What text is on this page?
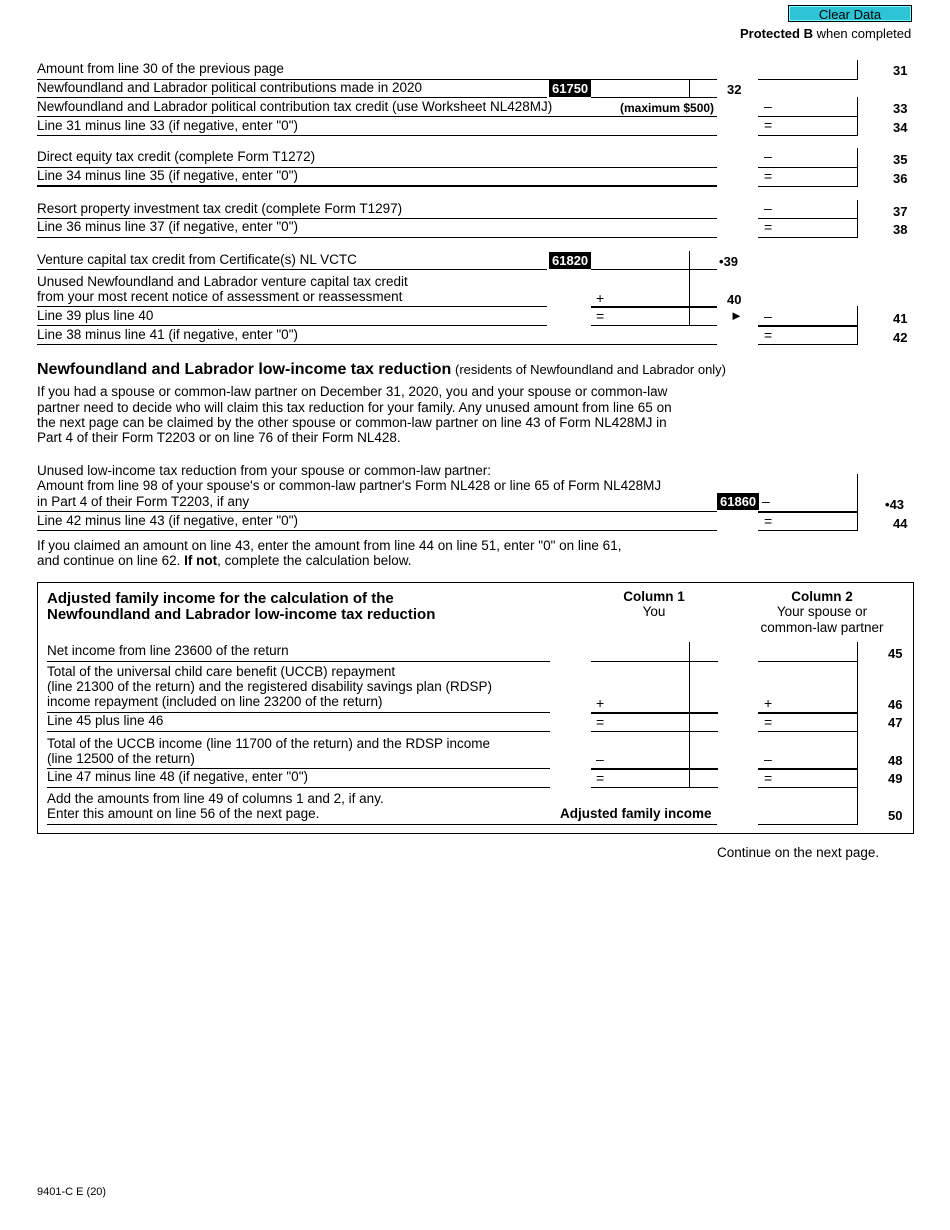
Clear Data
Protected B when completed
Amount from line 30 of the previous page	31
Newfoundland and Labrador political contributions made in 2020	61750	32
Newfoundland and Labrador political contribution tax credit (use Worksheet NL428MJ)	(maximum $500)	–	33
Line 31 minus line 33 (if negative, enter "0")	=	34
Direct equity tax credit (complete Form T1272)	–	35
Line 34 minus line 35 (if negative, enter "0")	=	36
Resort property investment tax credit (complete Form T1297)	–	37
Line 36 minus line 37 (if negative, enter "0")	=	38
Venture capital tax credit from Certificate(s) NL VCTC	61820	•39
Unused Newfoundland and Labrador venture capital tax credit
from your most recent notice of assessment or reassessment	+	40
Line 39 plus line 40	=	► –	41
Line 38 minus line 41 (if negative, enter "0")	=	42
Newfoundland and Labrador low-income tax reduction (residents of Newfoundland and Labrador only)
If you had a spouse or common-law partner on December 31, 2020, you and your spouse or common-law
partner need to decide who will claim this tax reduction for your family. Any unused amount from line 65 on
the next page can be claimed by the other spouse or common-law partner on line 43 of Form NL428MJ in
Part 4 of their Form T2203 or on line 76 of their Form NL428.
Unused low-income tax reduction from your spouse or common-law partner:
Amount from line 98 of your spouse's or common-law partner's Form NL428 or line 65 of Form NL428MJ
in Part 4 of their Form T2203, if any	61860 –	•43
Line 42 minus line 43 (if negative, enter "0")	=	44
If you claimed an amount on line 43, enter the amount from line 44 on line 51, enter "0" on line 61,
and continue on line 62. If not, complete the calculation below.
Adjusted family income for the calculation of the
Newfoundland and Labrador low-income tax reduction
Column 1
You
Column 2
Your spouse or
common-law partner
Net income from line 23600 of the return	45
Total of the universal child care benefit (UCCB) repayment
(line 21300 of the return) and the registered disability savings plan (RDSP)
income repayment (included on line 23200 of the return)	+	+	46
Line 45 plus line 46	=	=	47
Total of the UCCB income (line 11700 of the return) and the RDSP income
(line 12500 of the return)	–	–	48
Line 47 minus line 48 (if negative, enter "0")	=	=	49
Add the amounts from line 49 of columns 1 and 2, if any.
Enter this amount on line 56 of the next page.	Adjusted family income	50
Continue on the next page.
9401-C E (20)
